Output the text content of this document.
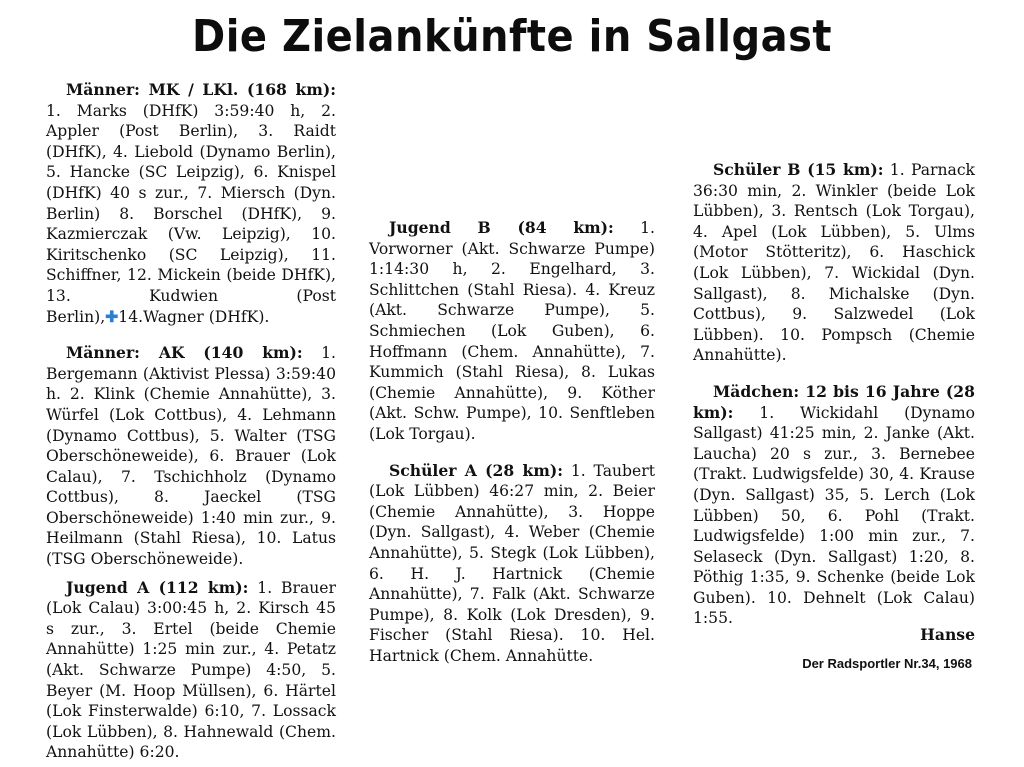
Die Zielankünfte in Sallgast
Männer: MK / LKl. (168 km): 1. Marks (DHfK) 3:59:40 h, 2. Appler (Post Berlin), 3. Raidt (DHfK), 4. Liebold (Dynamo Berlin), 5. Hancke (SC Leipzig), 6. Knispel (DHfK) 40 s zur., 7. Miersch (Dyn. Berlin) 8. Borschel (DHfK), 9. Kazmierczak (Vw. Leipzig), 10. Kiritschenko (SC Leipzig), 11. Schiffner, 12. Mickein (beide DHfK), 13. Kudwien (Post Berlin),✚14.Wagner (DHfK).
Männer: AK (140 km): 1. Bergemann (Aktivist Plessa) 3:59:40 h. 2. Klink (Chemie Annahütte), 3. Würfel (Lok Cottbus), 4. Lehmann (Dynamo Cottbus), 5. Walter (TSG Oberschöneweide), 6. Brauer (Lok Calau), 7. Tschichholz (Dynamo Cottbus), 8. Jaeckel (TSG Oberschöneweide) 1:40 min zur., 9. Heilmann (Stahl Riesa), 10. Latus (TSG Oberschöneweide).
Jugend A (112 km): 1. Brauer (Lok Calau) 3:00:45 h, 2. Kirsch 45 s zur., 3. Ertel (beide Chemie Annahütte) 1:25 min zur., 4. Petatz (Akt. Schwarze Pumpe) 4:50, 5. Beyer (M. Hoop Müllsen), 6. Härtel (Lok Finsterwalde) 6:10, 7. Lossack (Lok Lübben), 8. Hahnewald (Chem. Annahütte) 6:20.
Jugend B (84 km): 1. Vorworner (Akt. Schwarze Pumpe) 1:14:30 h, 2. Engelhard, 3. Schlittchen (Stahl Riesa). 4. Kreuz (Akt. Schwarze Pumpe), 5. Schmiechen (Lok Guben), 6. Hoffmann (Chem. Annahütte), 7. Kummich (Stahl Riesa), 8. Lukas (Chemie Annahütte), 9. Köther (Akt. Schw. Pumpe), 10. Senftleben (Lok Torgau).
Schüler A (28 km): 1. Taubert (Lok Lübben) 46:27 min, 2. Beier (Chemie Annahütte), 3. Hoppe (Dyn. Sallgast), 4. Weber (Chemie Annahütte), 5. Stegk (Lok Lübben), 6. H. J. Hartnick (Chemie Annahütte), 7. Falk (Akt. Schwarze Pumpe), 8. Kolk (Lok Dresden), 9. Fischer (Stahl Riesa). 10. Hel. Hartnick (Chem. Annahütte.
Schüler B (15 km): 1. Parnack 36:30 min, 2. Winkler (beide Lok Lübben), 3. Rentsch (Lok Torgau), 4. Apel (Lok Lübben), 5. Ulms (Motor Stötteritz), 6. Haschick (Lok Lübben), 7. Wickidal (Dyn. Sallgast), 8. Michalske (Dyn. Cottbus), 9. Salzwedel (Lok Lübben). 10. Pompsch (Chemie Annahütte).
Mädchen: 12 bis 16 Jahre (28 km): 1. Wickidahl (Dynamo Sallgast) 41:25 min, 2. Janke (Akt. Laucha) 20 s zur., 3. Bernebee (Trakt. Ludwigsfelde) 30, 4. Krause (Dyn. Sallgast) 35, 5. Lerch (Lok Lübben) 50, 6. Pohl (Trakt. Ludwigsfelde) 1:00 min zur., 7. Selaseck (Dyn. Sallgast) 1:20, 8. Pöthig 1:35, 9. Schenke (beide Lok Guben). 10. Dehnelt (Lok Calau) 1:55.
Hanse
Der Radsportler Nr.34, 1968
